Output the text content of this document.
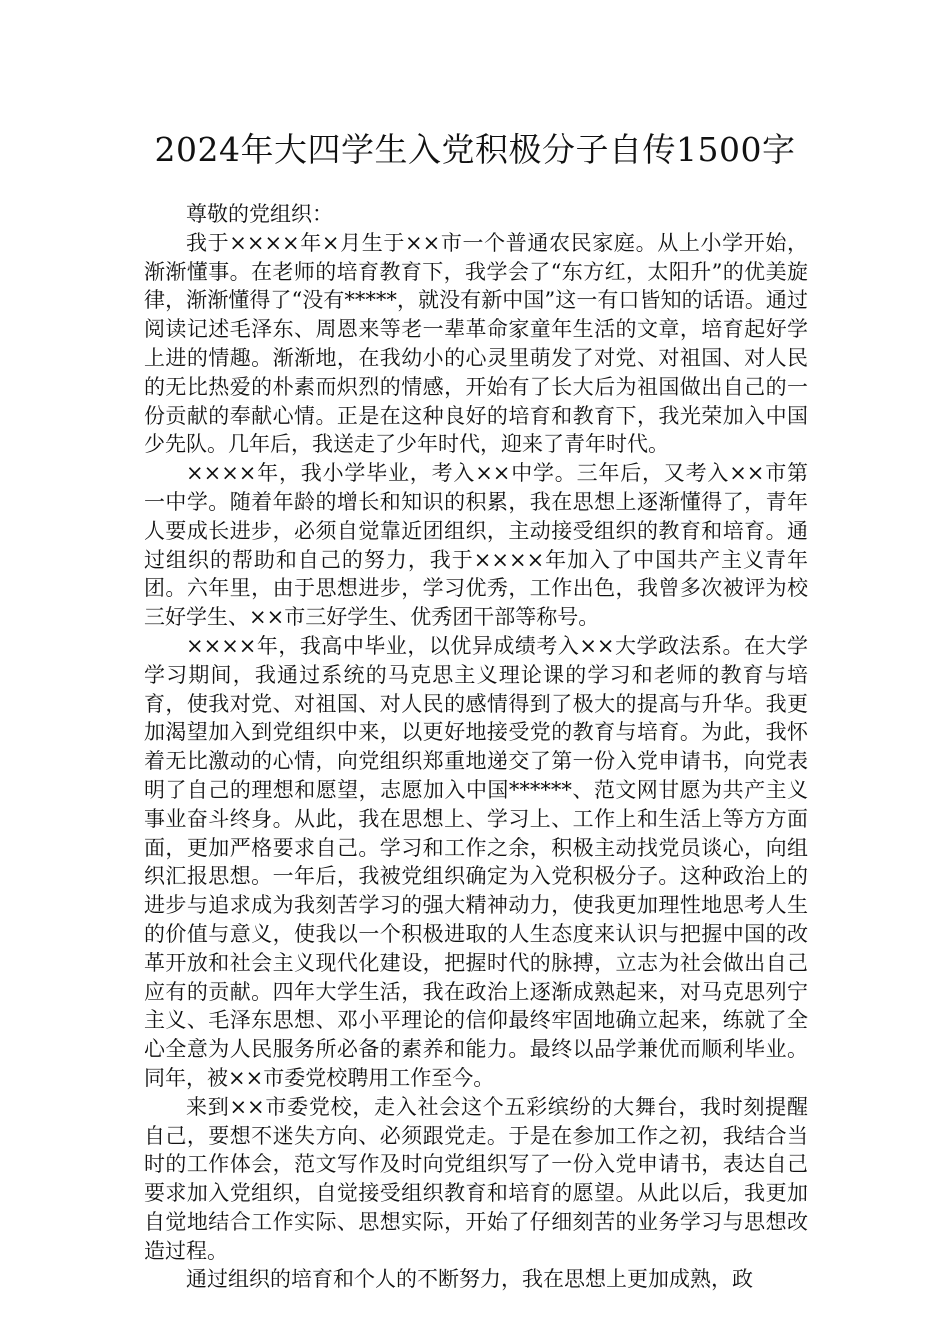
2024年大四学生入党积极分子自传1500字

尊敬的党组织：

我于××××年×月生于××市一个普通农民家庭。从上小学开始，渐渐懂事。在老师的培育教育下，我学会了“东方红，太阳升”的优美旋律，渐渐懂得了“没有*****，就没有新中国”这一有口皆知的话语。通过阅读记述毛泽东、周恩来等老一辈革命家童年生活的文章，培育起好学上进的情趣。渐渐地，在我幼小的心灵里萌发了对党、对祖国、对人民的无比热爱的朴素而炽烈的情感，开始有了长大后为祖国做出自己的一份贡献的奉献心情。正是在这种良好的培育和教育下，我光荣加入中国少先队。几年后，我送走了少年时代，迎来了青年时代。

××××年，我小学毕业，考入××中学。三年后，又考入××市第一中学。随着年龄的增长和知识的积累，我在思想上逐渐懂得了，青年人要成长进步，必须自觉靠近团组织，主动接受组织的教育和培育。通过组织的帮助和自己的努力，我于××××年加入了中国共产主义青年团。六年里，由于思想进步，学习优秀，工作出色，我曾多次被评为校三好学生、××市三好学生、优秀团干部等称号。

××××年，我高中毕业，以优异成绩考入××大学政法系。在大学学习期间，我通过系统的马克思主义理论课的学习和老师的教育与培育，使我对党、对祖国、对人民的感情得到了极大的提高与升华。我更加渴望加入到党组织中来，以更好地接受党的教育与培育。为此，我怀着无比激动的心情，向党组织郑重地递交了第一份入党申请书，向党表明了自己的理想和愿望，志愿加入中国******、范文网甘愿为共产主义事业奋斗终身。从此，我在思想上、学习上、工作上和生活上等方方面面，更加严格要求自己。学习和工作之余，积极主动找党员谈心，向组织汇报思想。一年后，我被党组织确定为入党积极分子。这种政治上的进步与追求成为我刻苦学习的强大精神动力，使我更加理性地思考人生的价值与意义，使我以一个积极进取的人生态度来认识与把握中国的改革开放和社会主义现代化建设，把握时代的脉搏，立志为社会做出自己应有的贡献。四年大学生活，我在政治上逐渐成熟起来，对马克思列宁主义、毛泽东思想、邓小平理论的信仰最终牢固地确立起来，练就了全心全意为人民服务所必备的素养和能力。最终以品学兼优而顺利毕业。同年，被××市委党校聘用工作至今。

来到××市委党校，走入社会这个五彩缤纷的大舞台，我时刻提醒自己，要想不迷失方向、必须跟党走。于是在参加工作之初，我结合当时的工作体会，范文写作及时向党组织写了一份入党申请书，表达自己要求加入党组织，自觉接受组织教育和培育的愿望。从此以后，我更加自觉地结合工作实际、思想实际，开始了仔细刻苦的业务学习与思想改造过程。

通过组织的培育和个人的不断努力，我在思想上更加成熟，政
